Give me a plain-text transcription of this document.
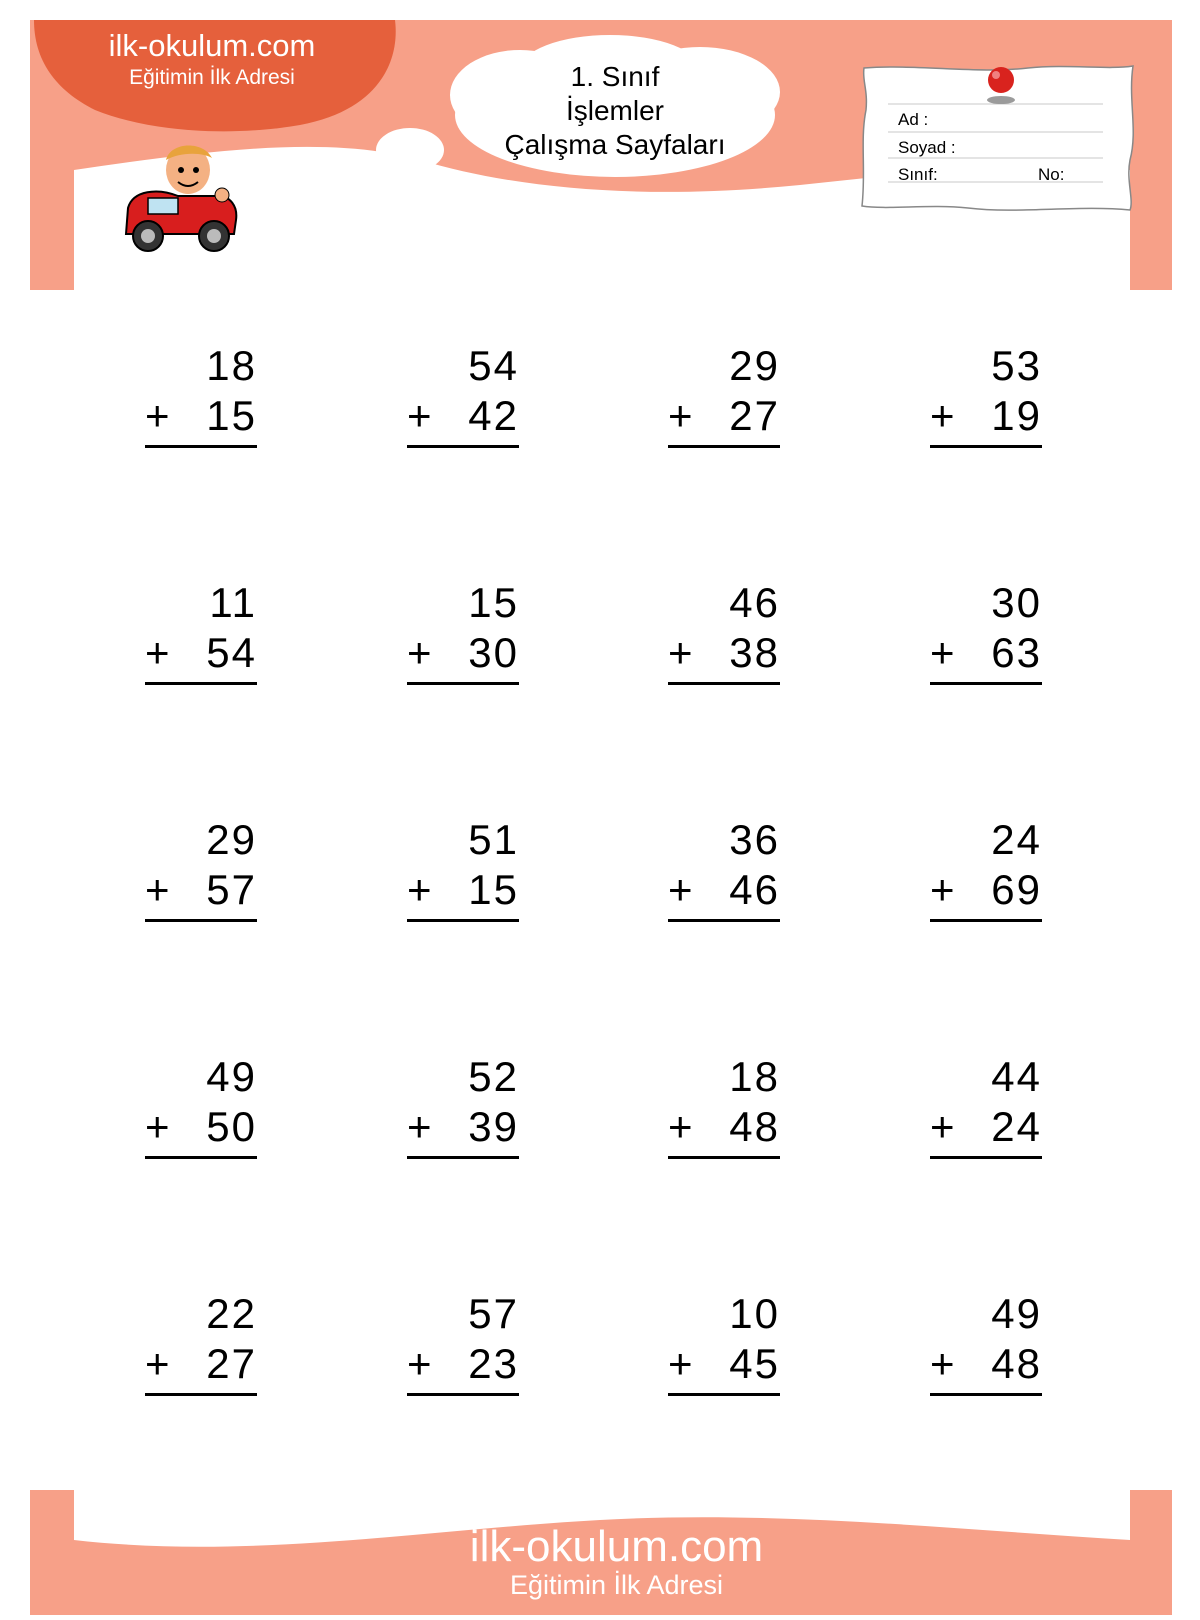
ilk-okulum.com
Eğitimin İlk Adresi	1. Sınıf
İşlemler
Çalışma Sayfaları
Ad :
Soyad :
Sınıf:	No:
18
+ 15
54
+ 42
29
+ 27
53
+ 19
11
+ 54
15
+ 30
46
+ 38
30
+ 63
29
+ 57
51
+ 15
36
+ 46
24
+ 69
49
+ 50
52
+ 39
18
+ 48
44
+ 24
22
+ 27
57
+ 23
10
+ 45
49
+ 48
ilk-okulum.com
Eğitimin İlk Adresi
